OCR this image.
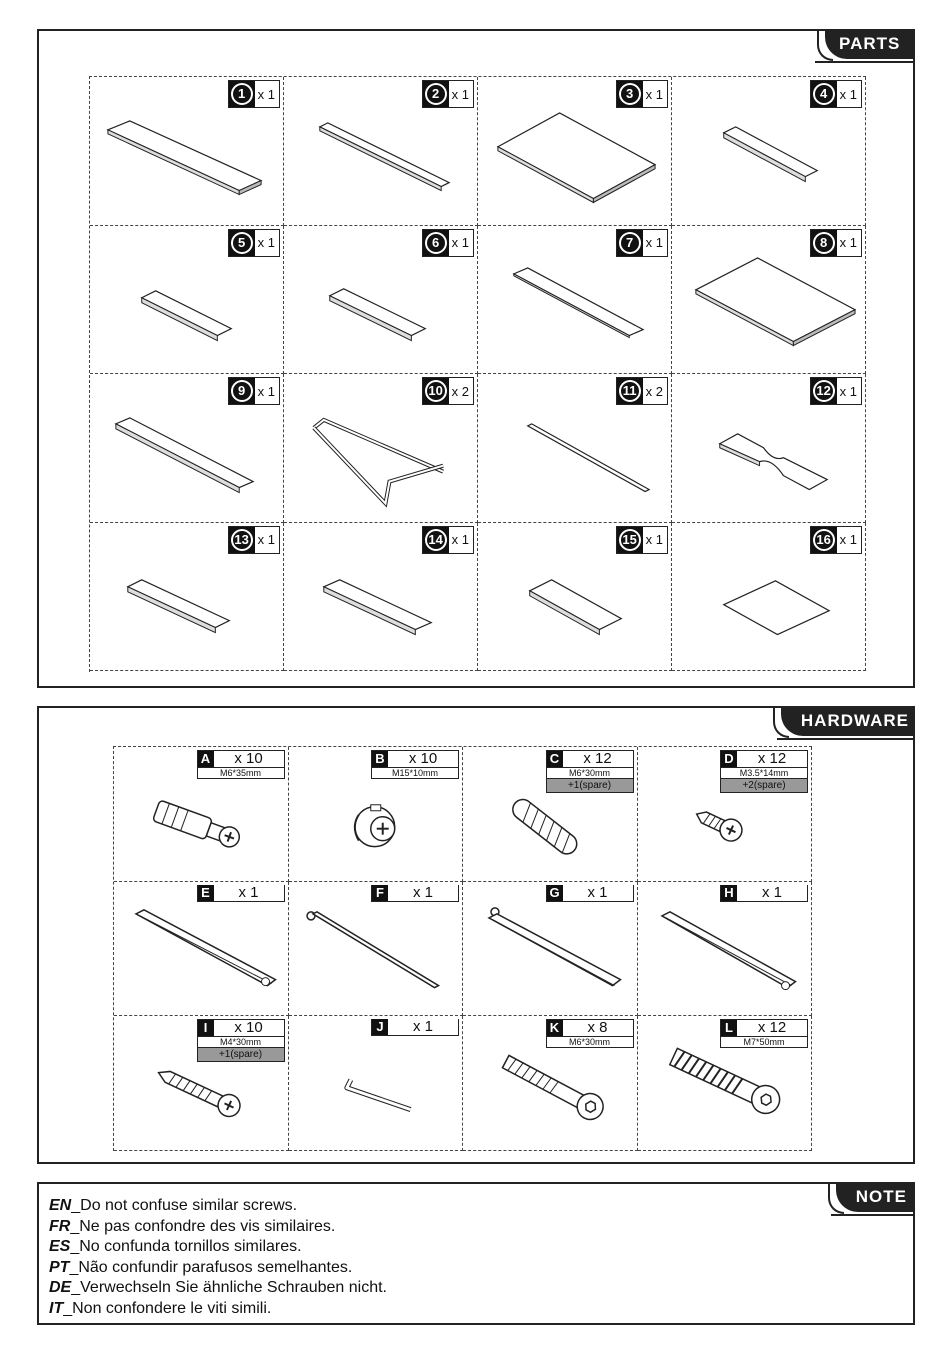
PARTS
1 x 1	2 x 1	3 x 1	4 x 1
5 x 1	6 x 1	7 x 1	8 x 1
9 x 1	10 x 2	11 x 2	12 x 1
13 x 1	14 x 1	15 x 1	16 x 1
HARDWARE
A	x 10
M6*35mm
B	x 10
M15*10mm
C	x 12
M6*30mm
+1(spare)
D	x 12
M3.5*14mm
+2(spare)
E	x 1	F	x 1	G	x 1	H	x 1
I	x 10
M4*30mm
+1(spare)
J	x 1	K	x 8
M6*30mm
L	x 12
M7*50mm
NOTE
EN_Do not confuse similar screws.
FR_Ne pas confondre des vis similaires.
ES_No confunda tornillos similares.
PT_Não confundir parafusos semelhantes.
DE_Verwechseln Sie ähnliche Schrauben nicht.
IT_Non confondere le viti simili.
